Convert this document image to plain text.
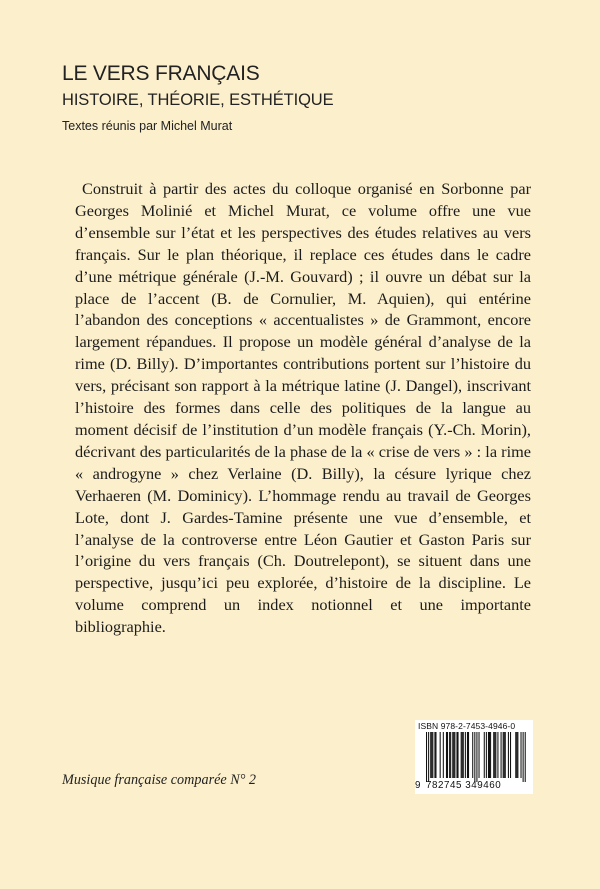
LE VERS FRANÇAIS
HISTOIRE, THÉORIE, ESTHÉTIQUE

Textes réunis par Michel Murat

Construit à partir des actes du colloque organisé en Sorbonne par Georges Molinié et Michel Murat, ce volume offre une vue d’ensemble sur l’état et les perspectives des études relatives au vers français. Sur le plan théorique, il replace ces études dans le cadre d’une métrique générale (J.-M. Gouvard) ; il ouvre un débat sur la place de l’accent (B. de Cornulier, M. Aquien), qui entérine l’abandon des conceptions « accentualistes » de Grammont, encore largement répandues. Il propose un modèle général d’analyse de la rime (D. Billy). D’importantes contributions portent sur l’histoire du vers, précisant son rapport à la métrique latine (J. Dangel), inscrivant l’histoire des formes dans celle des politiques de la langue au moment décisif de l’institution d’un modèle français (Y.-Ch. Morin), décrivant des particularités de la phase de la « crise de vers » : la rime « androgyne » chez Verlaine (D. Billy), la césure lyrique chez Verhaeren (M. Dominicy). L’hommage rendu au travail de Georges Lote, dont J. Gardes-Tamine présente une vue d’ensemble, et l’analyse de la controverse entre Léon Gautier et Gaston Paris sur l’origine du vers français (Ch. Doutrelepont), se situent dans une perspective, jusqu’ici peu explorée, d’histoire de la discipline. Le volume comprend un index notionnel et une importante bibliographie.

Musique française comparée N° 2

ISBN 978-2-7453-4946-0
9 782745 349460
